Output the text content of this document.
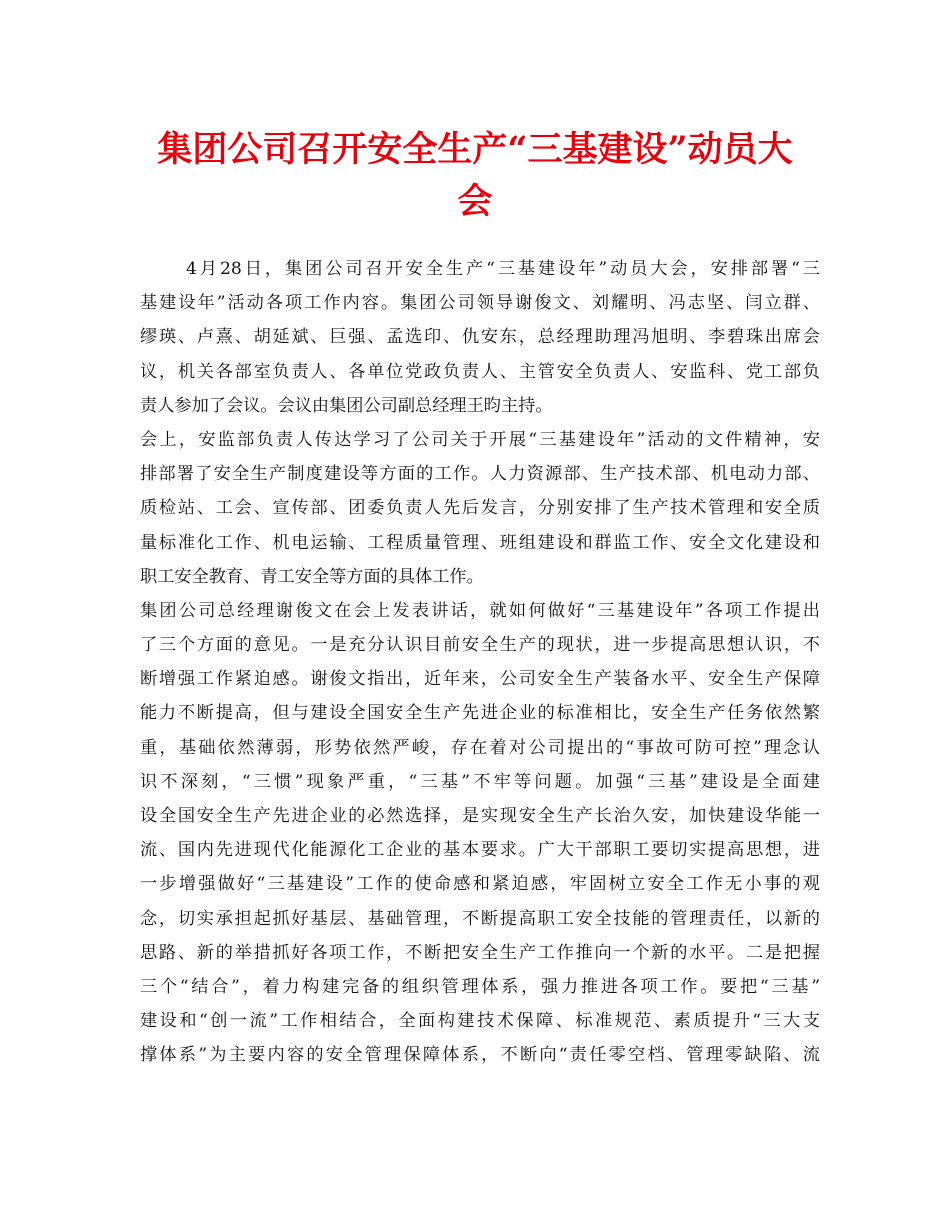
集团公司召开安全生产“三基建设”动员大
会
4月28日，集团公司召开安全生产“三基建设年”动员大会，安排部署“三
基建设年”活动各项工作内容。集团公司领导谢俊文、刘耀明、冯志坚、闫立群、
缪瑛、卢熹、胡延斌、巨强、孟选印、仇安东，总经理助理冯旭明、李碧珠出席会
议，机关各部室负责人、各单位党政负责人、主管安全负责人、安监科、党工部负
责人参加了会议。会议由集团公司副总经理王昀主持。
会上，安监部负责人传达学习了公司关于开展“三基建设年”活动的文件精神，安
排部署了安全生产制度建设等方面的工作。人力资源部、生产技术部、机电动力部、
质检站、工会、宣传部、团委负责人先后发言，分别安排了生产技术管理和安全质
量标准化工作、机电运输、工程质量管理、班组建设和群监工作、安全文化建设和
职工安全教育、青工安全等方面的具体工作。
集团公司总经理谢俊文在会上发表讲话，就如何做好“三基建设年”各项工作提出
了三个方面的意见。一是充分认识目前安全生产的现状，进一步提高思想认识，不
断增强工作紧迫感。谢俊文指出，近年来，公司安全生产装备水平、安全生产保障
能力不断提高，但与建设全国安全生产先进企业的标准相比，安全生产任务依然繁
重，基础依然薄弱，形势依然严峻，存在着对公司提出的“事故可防可控”理念认
识不深刻，“三惯”现象严重，“三基”不牢等问题。加强“三基”建设是全面建
设全国安全生产先进企业的必然选择，是实现安全生产长治久安，加快建设华能一
流、国内先进现代化能源化工企业的基本要求。广大干部职工要切实提高思想，进
一步增强做好“三基建设”工作的使命感和紧迫感，牢固树立安全工作无小事的观
念，切实承担起抓好基层、基础管理，不断提高职工安全技能的管理责任，以新的
思路、新的举措抓好各项工作，不断把安全生产工作推向一个新的水平。二是把握
三个“结合”，着力构建完备的组织管理体系，强力推进各项工作。要把“三基”
建设和“创一流”工作相结合，全面构建技术保障、标准规范、素质提升“三大支
撑体系”为主要内容的安全管理保障体系，不断向“责任零空档、管理零缺陷、流
